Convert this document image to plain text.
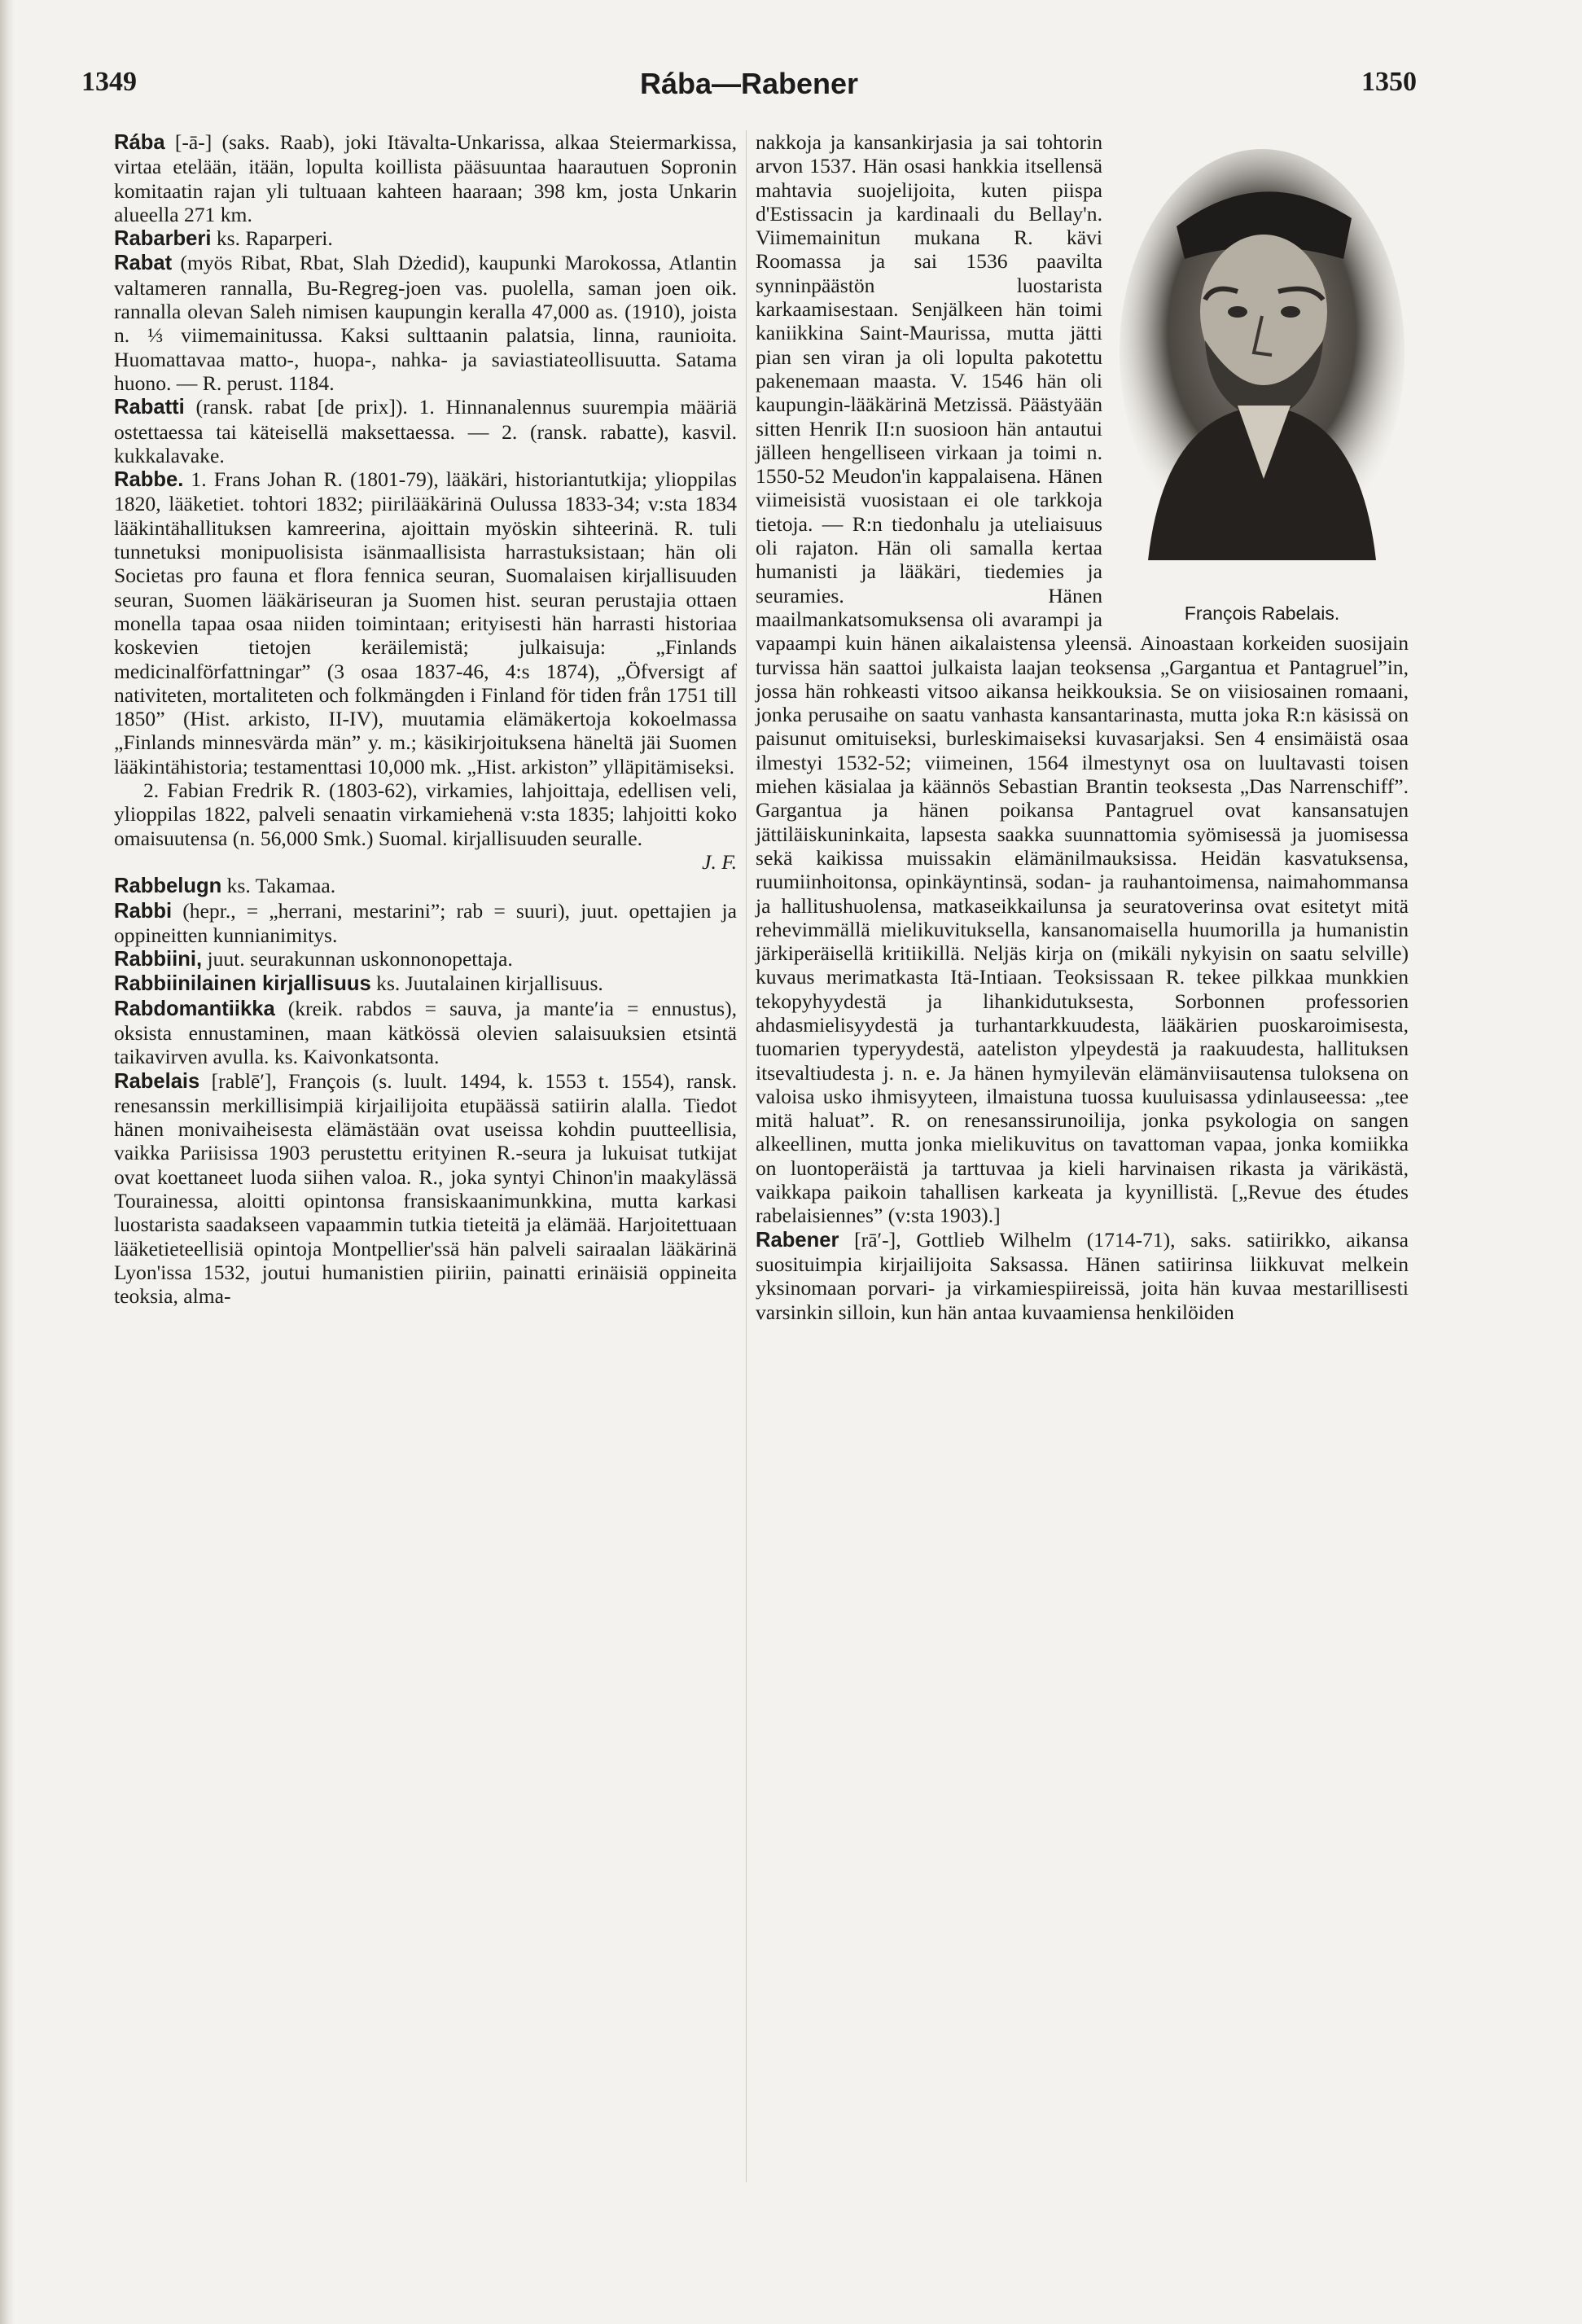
1349	Rába—Rabener	1350

Rába [-ā-] (saks. Raab), joki Itävalta-Unkarissa, alkaa Steiermarkissa, virtaa etelään, itään, lopulta koillista pääsuuntaa haarautuen Sopronin komitaatin rajan yli tultuaan kahteen haaraan; 398 km, josta Unkarin alueella 271 km.

Rabarberi ks. Raparperi.

Rabat (myös Ribat, Rbat, Slah Dżedid), kaupunki Marokossa, Atlantin valtameren rannalla, Bu-Regreg-joen vas. puolella, saman joen oik. rannalla olevan Saleh nimisen kaupungin keralla 47,000 as. (1910), joista n. ⅓ viimemainitussa. Kaksi sulttaanin palatsia, linna, raunioita. Huomattavaa matto-, huopa-, nahka- ja saviastiateollisuutta. Satama huono. — R. perust. 1184.

Rabatti (ransk. rabat [de prix]). 1. Hinnanalennus suurempia määriä ostettaessa tai käteisellä maksettaessa. — 2. (ransk. rabatte), kasvil. kukkalavake.

Rabbe. 1. Frans Johan R. (1801-79), lääkäri, historiantutkija; ylioppilas 1820, lääketiet. tohtori 1832; piirilääkärinä Oulussa 1833-34; v:sta 1834 lääkintähallituksen kamreerina, ajoittain myöskin sihteerinä. R. tuli tunnetuksi monipuolisista isänmaallisista harrastuksistaan; hän oli Societas pro fauna et flora fennica seuran, Suomalaisen kirjallisuuden seuran, Suomen lääkäriseuran ja Suomen hist. seuran perustajia ottaen monella tapaa osaa niiden toimintaan; erityisesti hän harrasti historiaa koskevien tietojen keräilemistä; julkaisuja: „Finlands medicinalförfattningar” (3 osaa 1837-46, 4:s 1874), „Öfversigt af nativiteten, mortaliteten och folkmängden i Finland för tiden från 1751 till 1850” (Hist. arkisto, II-IV), muutamia elämäkertoja kokoelmassa „Finlands minnesvärda män” y. m.; käsikirjoituksena häneltä jäi Suomen lääkintähistoria; testamenttasi 10,000 mk. „Hist. arkiston” ylläpitämiseksi.

2. Fabian Fredrik R. (1803-62), virkamies, lahjoittaja, edellisen veli, ylioppilas 1822, palveli senaatin virkamiehenä v:sta 1835; lahjoitti koko omaisuutensa (n. 56,000 Smk.) Suomal. kirjallisuuden seuralle.

J. F.

Rabbelugn ks. Takamaa.

Rabbi (hepr., = „herrani, mestarini”; rab = suuri), juut. opettajien ja oppineitten kunnianimitys.

Rabbiini, juut. seurakunnan uskonnonopettaja.

Rabbiinilainen kirjallisuus ks. Juutalainen kirjallisuus.

Rabdomantiikka (kreik. rabdos = sauva, ja manteʹia = ennustus), oksista ennustaminen, maan kätkössä olevien salaisuuksien etsintä taikavirven avulla. ks. Kaivonkatsonta.

Rabelais [rablēʹ], François (s. luult. 1494, k. 1553 t. 1554), ransk. renesanssin merkillisimpiä kirjailijoita etupäässä satiirin alalla. Tiedot hänen monivaiheisesta elämästään ovat useissa kohdin puutteellisia, vaikka Pariisissa 1903 perustettu erityinen R.-seura ja lukuisat tutkijat ovat koettaneet luoda siihen valoa. R., joka syntyi Chinon'in maakylässä Tourainessa, aloitti opintonsa fransiskaanimunkkina, mutta karkasi luostarista saadakseen vapaammin tutkia tieteitä ja elämää. Harjoitettuaan lääketieteellisiä opintoja Montpellier'ssä hän palveli sairaalan lääkärinä Lyon'issa 1532, joutui humanistien piiriin, painatti erinäisiä oppineita teoksia, alma-

François Rabelais.

nakkoja ja kansankirjasia ja sai tohtorin arvon 1537. Hän osasi hankkia itsellensä mahtavia suojelijoita, kuten piispa d'Estissacin ja kardinaali du Bellay'n. Viimemainitun mukana R. kävi Roomassa ja sai 1536 paavilta synninpäästön luostarista karkaamisestaan. Senjälkeen hän toimi kaniikkina Saint-Maurissa, mutta jätti pian sen viran ja oli lopulta pakotettu pakenemaan maasta. V. 1546 hän oli kaupungin-lääkärinä Metzissä. Päästyään sitten Henrik II:n suosioon hän antautui jälleen hengelliseen virkaan ja toimi n. 1550-52 Meudon'in kappalaisena. Hänen viimeisistä vuosistaan ei ole tarkkoja tietoja. — R:n tiedonhalu ja uteliaisuus oli rajaton. Hän oli samalla kertaa humanisti ja lääkäri, tiedemies ja seuramies. Hänen maailmankatsomuksensa oli avarampi ja vapaampi kuin hänen aikalaistensa yleensä. Ainoastaan korkeiden suosijain turvissa hän saattoi julkaista laajan teoksensa „Gargantua et Pantagruel”in, jossa hän rohkeasti vitsoo aikansa heikkouksia. Se on viisiosainen romaani, jonka perusaihe on saatu vanhasta kansantarinasta, mutta joka R:n käsissä on paisunut omituiseksi, burleskimaiseksi kuvasarjaksi. Sen 4 ensimäistä osaa ilmestyi 1532-52; viimeinen, 1564 ilmestynyt osa on luultavasti toisen miehen käsialaa ja käännös Sebastian Brantin teoksesta „Das Narrenschiff”. Gargantua ja hänen poikansa Pantagruel ovat kansansatujen jättiläiskuninkaita, lapsesta saakka suunnattomia syömisessä ja juomisessa sekä kaikissa muissakin elämänilmauksissa. Heidän kasvatuksensa, ruumiinhoitonsa, opinkäyntinsä, sodan- ja rauhantoimensa, naimahommansa ja hallitushuolensa, matkaseikkailunsa ja seuratoverinsa ovat esitetyt mitä rehevimmällä mielikuvituksella, kansanomaisella huumorilla ja humanistin järkiperäisellä kritiikillä. Neljäs kirja on (mikäli nykyisin on saatu selville) kuvaus merimatkasta Itä-Intiaan. Teoksissaan R. tekee pilkkaa munkkien tekopyhyydestä ja lihankidutuksesta, Sorbonnen professorien ahdasmielisyydestä ja turhantarkkuudesta, lääkärien puoskaroimisesta, tuomarien typeryydestä, aateliston ylpeydestä ja raakuudesta, hallituksen itsevaltiudesta j. n. e. Ja hänen hymyilevän elämänviisautensa tuloksena on valoisa usko ihmisyyteen, ilmaistuna tuossa kuuluisassa ydinlauseessa: „tee mitä haluat”. R. on renesanssirunoilija, jonka psykologia on sangen alkeellinen, mutta jonka mielikuvitus on tavattoman vapaa, jonka komiikka on luontoperäistä ja tarttuvaa ja kieli harvinaisen rikasta ja värikästä, vaikkapa paikoin tahallisen karkeata ja kyynillistä. [„Revue des études rabelaisiennes” (v:sta 1903).]

Rabener [rāʹ-], Gottlieb Wilhelm (1714-71), saks. satiirikko, aikansa suosituimpia kirjailijoita Saksassa. Hänen satiirinsa liikkuvat melkein yksinomaan porvari- ja virkamiespiireissä, joita hän kuvaa mestarillisesti varsinkin silloin, kun hän antaa kuvaamiensa henkilöiden
